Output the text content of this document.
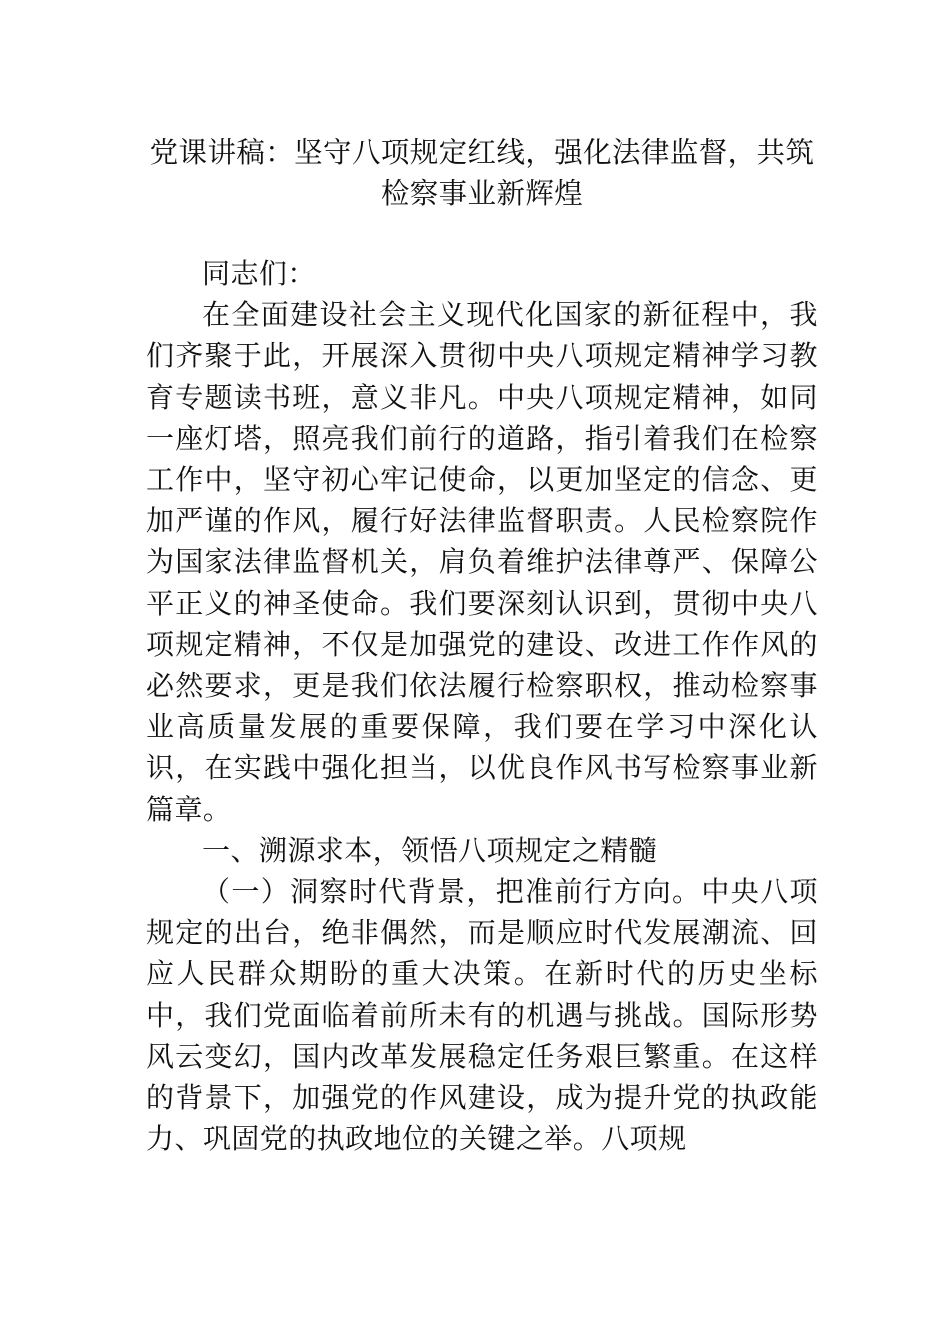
党课讲稿：坚守八项规定红线，强化法律监督，共筑检察事业新辉煌

同志们：

在全面建设社会主义现代化国家的新征程中，我们齐聚于此，开展深入贯彻中央八项规定精神学习教育专题读书班，意义非凡。中央八项规定精神，如同一座灯塔，照亮我们前行的道路，指引着我们在检察工作中，坚守初心牢记使命，以更加坚定的信念、更加严谨的作风，履行好法律监督职责。人民检察院作为国家法律监督机关，肩负着维护法律尊严、保障公平正义的神圣使命。我们要深刻认识到，贯彻中央八项规定精神，不仅是加强党的建设、改进工作作风的必然要求，更是我们依法履行检察职权，推动检察事业高质量发展的重要保障，我们要在学习中深化认识，在实践中强化担当，以优良作风书写检察事业新篇章。

一、溯源求本，领悟八项规定之精髓

（一）洞察时代背景，把准前行方向。中央八项规定的出台，绝非偶然，而是顺应时代发展潮流、回应人民群众期盼的重大决策。在新时代的历史坐标中，我们党面临着前所未有的机遇与挑战。国际形势风云变幻，国内改革发展稳定任务艰巨繁重。在这样的背景下，加强党的作风建设，成为提升党的执政能力、巩固党的执政地位的关键之举。八项规
